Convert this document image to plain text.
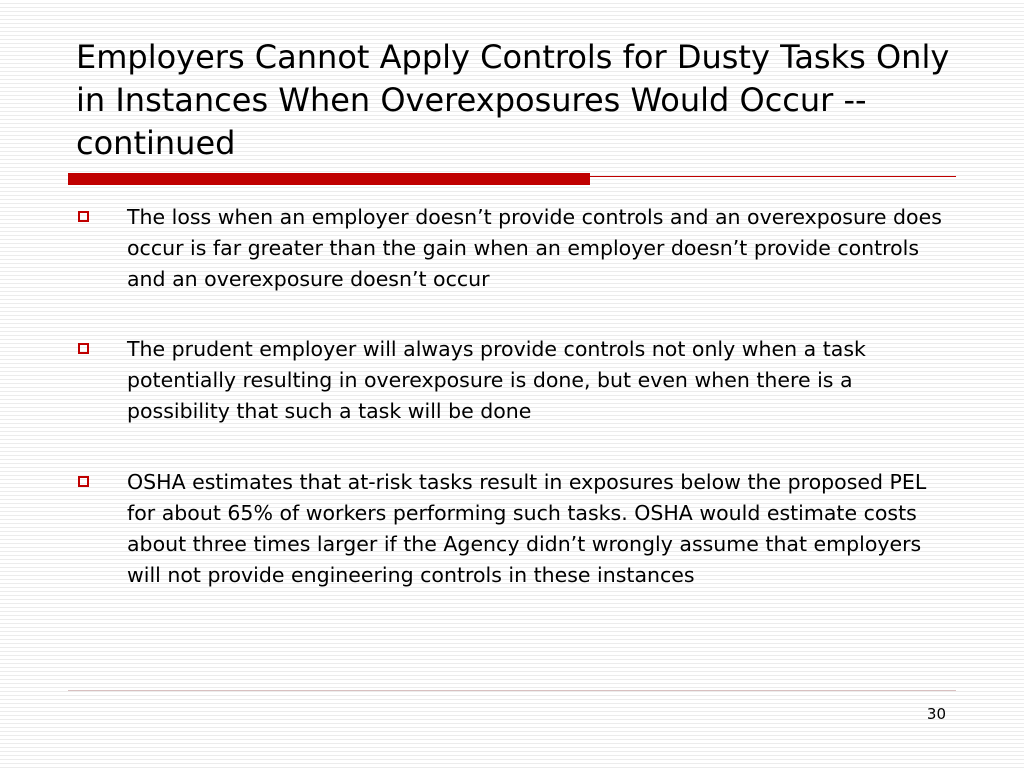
Employers Cannot Apply Controls for Dusty Tasks Only in Instances When Overexposures Would Occur -- continued
The loss when an employer doesn’t provide controls and an overexposure does occur is far greater than the gain when an employer doesn’t provide controls and an overexposure doesn’t occur
The prudent employer will always provide controls not only when a task potentially resulting in overexposure is done, but even when there is a possibility that such a task will be done
OSHA estimates that at-risk tasks result in exposures below the proposed PEL for about 65% of workers performing such tasks. OSHA would estimate costs about three times larger if the Agency didn’t wrongly assume that employers will not provide engineering controls in these instances
30
